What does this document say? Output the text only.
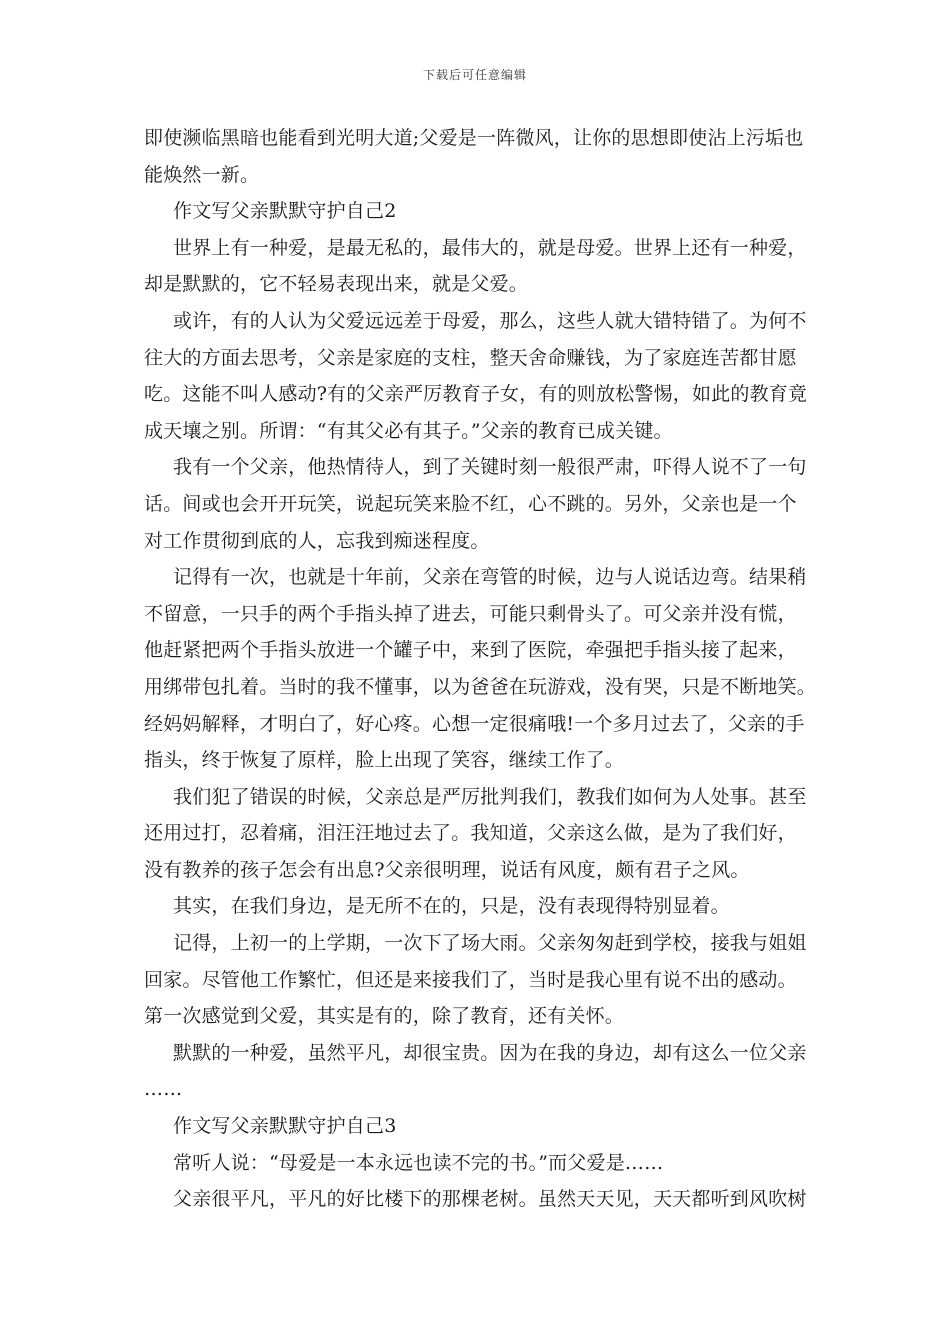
下载后可任意编辑
即使濒临黑暗也能看到光明大道;父爱是一阵微风，让你的思想即使沾上污垢也
能焕然一新。
作文写父亲默默守护自己2
世界上有一种爱，是最无私的，最伟大的，就是母爱。世界上还有一种爱，
却是默默的，它不轻易表现出来，就是父爱。
或许，有的人认为父爱远远差于母爱，那么，这些人就大错特错了。为何不
往大的方面去思考，父亲是家庭的支柱，整天舍命赚钱，为了家庭连苦都甘愿
吃。这能不叫人感动?有的父亲严厉教育子女，有的则放松警惕，如此的教育竟
成天壤之别。所谓：“有其父必有其子。”父亲的教育已成关键。
我有一个父亲，他热情待人，到了关键时刻一般很严肃，吓得人说不了一句
话。间或也会开开玩笑，说起玩笑来脸不红，心不跳的。另外，父亲也是一个
对工作贯彻到底的人，忘我到痴迷程度。
记得有一次，也就是十年前，父亲在弯管的时候，边与人说话边弯。结果稍
不留意，一只手的两个手指头掉了进去，可能只剩骨头了。可父亲并没有慌，
他赶紧把两个手指头放进一个罐子中，来到了医院，牵强把手指头接了起来，
用绑带包扎着。当时的我不懂事，以为爸爸在玩游戏，没有哭，只是不断地笑。
经妈妈解释，才明白了，好心疼。心想一定很痛哦!一个多月过去了，父亲的手
指头，终于恢复了原样，脸上出现了笑容，继续工作了。
我们犯了错误的时候，父亲总是严厉批判我们，教我们如何为人处事。甚至
还用过打，忍着痛，泪汪汪地过去了。我知道，父亲这么做，是为了我们好，
没有教养的孩子怎会有出息?父亲很明理，说话有风度，颇有君子之风。
其实，在我们身边，是无所不在的，只是，没有表现得特别显着。
记得，上初一的上学期，一次下了场大雨。父亲匆匆赶到学校，接我与姐姐
回家。尽管他工作繁忙，但还是来接我们了，当时是我心里有说不出的感动。
第一次感觉到父爱，其实是有的，除了教育，还有关怀。
默默的一种爱，虽然平凡，却很宝贵。因为在我的身边，却有这么一位父亲
……
作文写父亲默默守护自己3
常听人说：“母爱是一本永远也读不完的书。”而父爱是……
父亲很平凡，平凡的好比楼下的那棵老树。虽然天天见，天天都听到风吹树
